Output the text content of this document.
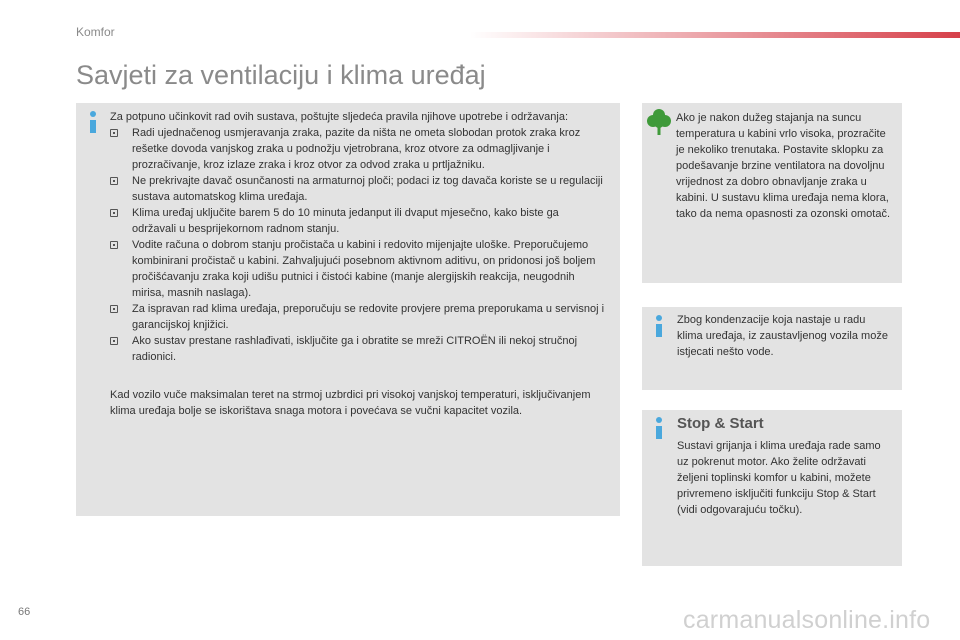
Komfor
Savjeti za ventilaciju i klima uređaj
Za potpuno učinkovit rad ovih sustava, poštujte sljedeća pravila njihove upotrebe i održavanja:
Radi ujednačenog usmjeravanja zraka, pazite da ništa ne ometa slobodan protok zraka kroz rešetke dovoda vanjskog zraka u podnožju vjetrobrana, kroz otvore za odmagljivanje i prozračivanje, kroz izlaze zraka i kroz otvor za odvod zraka u prtljažniku.
Ne prekrivajte davač osunčanosti na armaturnoj ploči; podaci iz tog davača koriste se u regulaciji sustava automatskog klima uređaja.
Klima uređaj uključite barem 5 do 10 minuta jedanput ili dvaput mjesečno, kako biste ga održavali u besprijekornom radnom stanju.
Vodite računa o dobrom stanju pročistača u kabini i redovito mijenjajte uloške. Preporučujemo kombinirani pročistač u kabini. Zahvaljujući posebnom aktivnom aditivu, on pridonosi još boljem pročišćavanju zraka koji udišu putnici i čistoći kabine (manje alergijskih reakcija, neugodnih mirisa, masnih naslaga).
Za ispravan rad klima uređaja, preporučuju se redovite provjere prema preporukama u servisnoj i garancijskoj knjižici.
Ako sustav prestane rashlađivati, isključite ga i obratite se mreži CITROËN ili nekoj stručnoj radionici.
Kad vozilo vuče maksimalan teret na strmoj uzbrdici pri visokoj vanjskoj temperaturi, isključivanjem klima uređaja bolje se iskorištava snaga motora i povećava se vučni kapacitet vozila.
Ako je nakon dužeg stajanja na suncu temperatura u kabini vrlo visoka, prozračite je nekoliko trenutaka. Postavite sklopku za podešavanje brzine ventilatora na dovoljnu vrijednost za dobro obnavljanje zraka u kabini. U sustavu klima uređaja nema klora, tako da nema opasnosti za ozonski omotač.
Zbog kondenzacije koja nastaje u radu klima uređaja, iz zaustavljenog vozila može istjecati nešto vode.
Stop & Start
Sustavi grijanja i klima uređaja rade samo uz pokrenut motor. Ako želite održavati željeni toplinski komfor u kabini, možete privremeno isključiti funkciju Stop & Start (vidi odgovarajuću točku).
66	carmanualsonline.info
